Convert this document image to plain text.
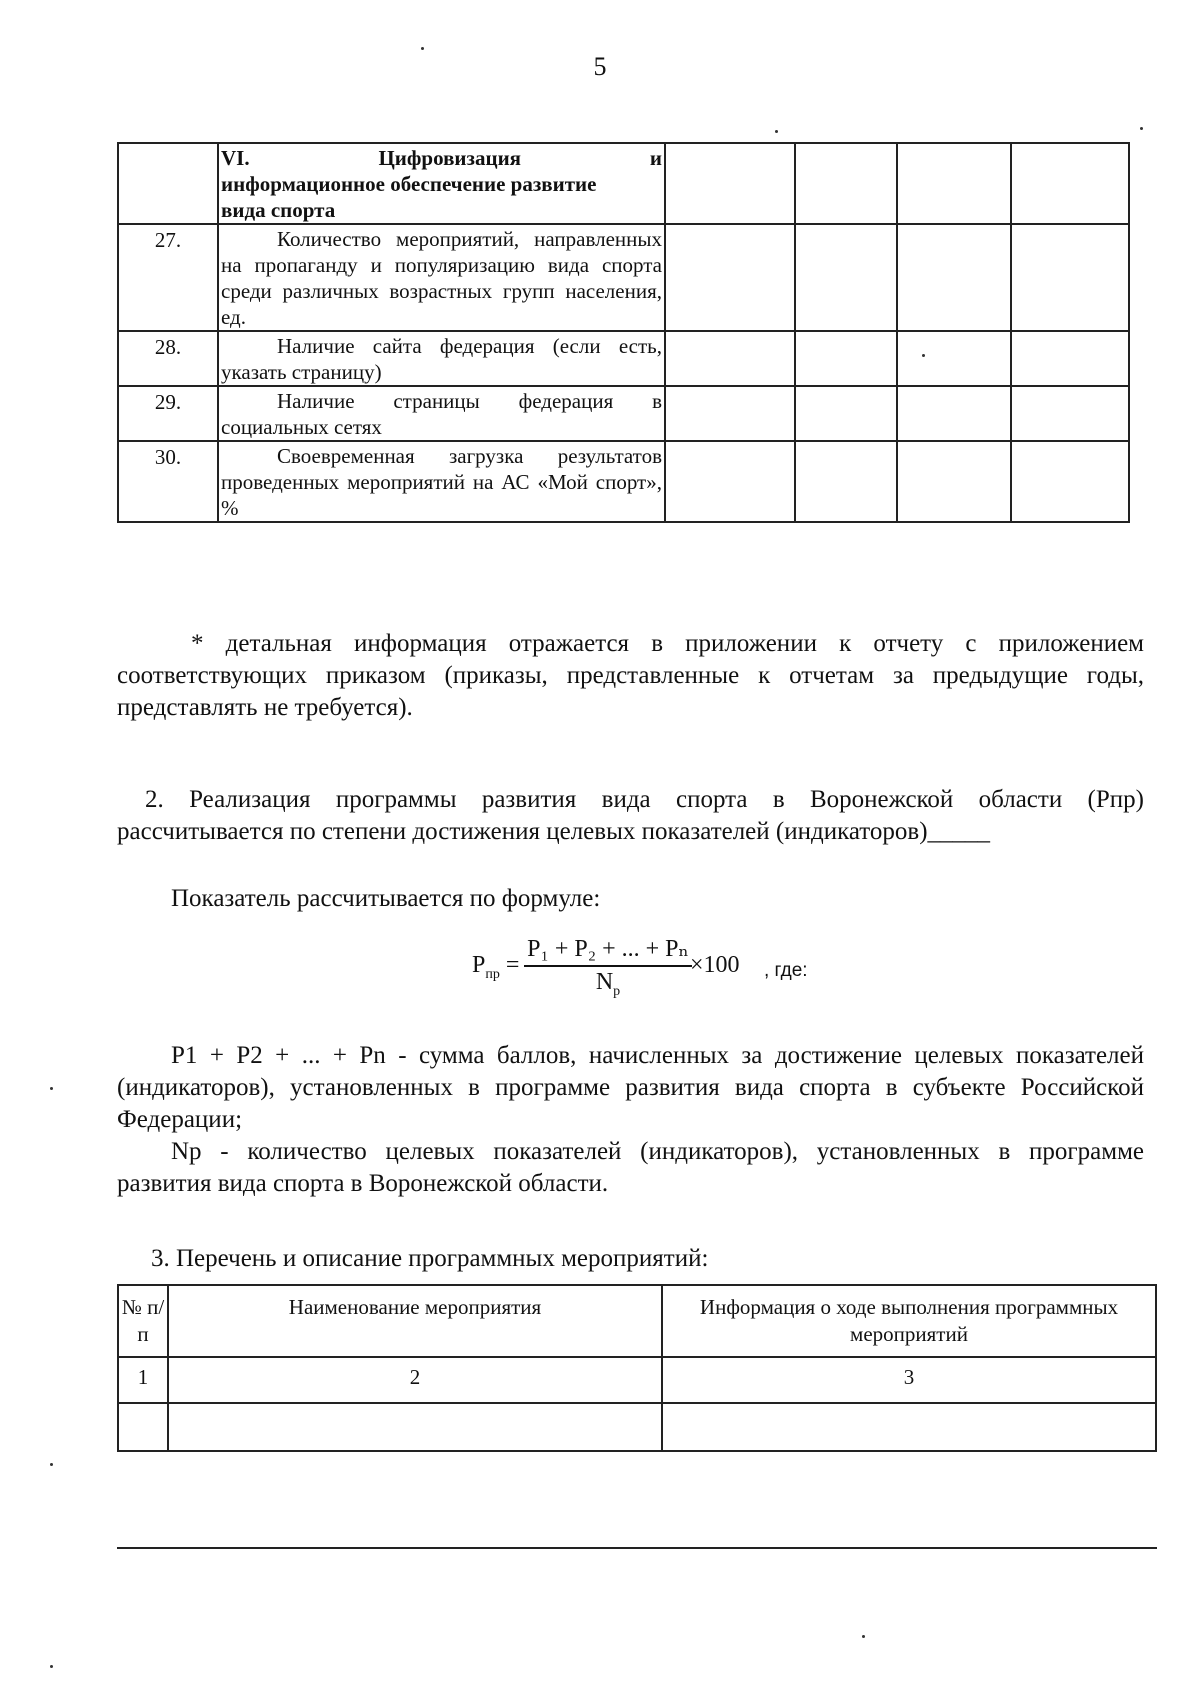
5

	VI. Цифровизация и
информационное обеспечение развитие
вида спорта				
27.	Количество мероприятий, направленных на пропаганду и популяризацию вида спорта среди различных возрастных групп населения, ед.				
28.	Наличие сайта федерация (если есть, указать страницу)				
29.	Наличие страницы федерация в социальных сетях				
30.	Своевременная загрузка результатов проведенных мероприятий на АС «Мой спорт», %				
* детальная информация отражается в приложении к отчету с приложением соответствующих приказом (приказы, представленные к отчетам за предыдущие годы, представлять не требуется).
2. Реализация программы развития вида спорта в Воронежской области (Рпр) рассчитывается по степени достижения целевых показателей (индикаторов)_____
Показатель рассчитывается по формуле:
$P_{пр} = \frac{\text{P₁ + P₂ + ... + Pₙ}}{N_p}$
×100 , где:
P1 + P2 + ... + Pn - сумма баллов, начисленных за достижение целевых показателей (индикаторов), установленных в программе развития вида спорта в субъекте Российской Федерации;
Np - количество целевых показателей (индикаторов), установленных в программе развития вида спорта в Воронежской области.
3. Перечень и описание программных мероприятий:
№ п/п	Наименование мероприятия	Информация о ходе выполнения программных мероприятий
1	2	3
